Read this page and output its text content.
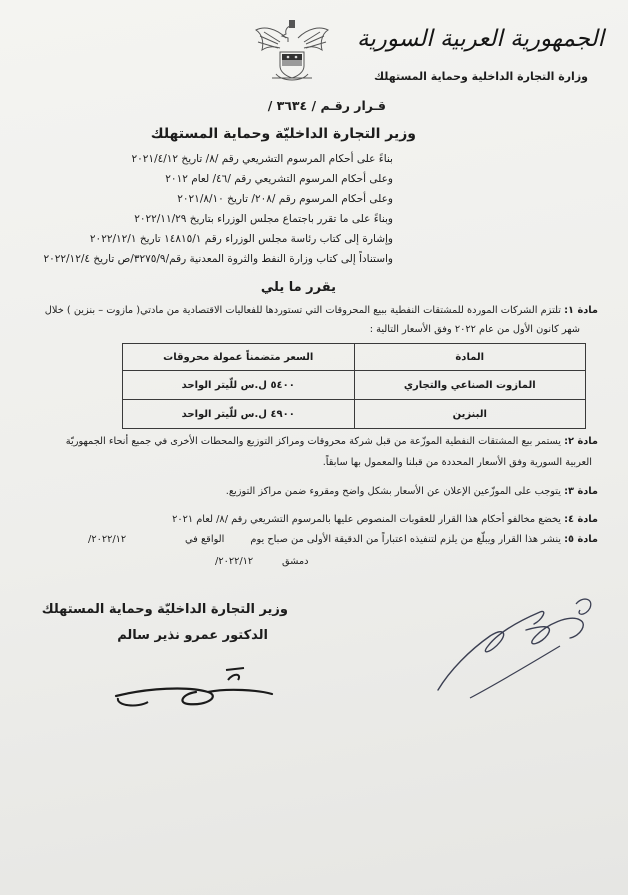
الجمهورية العربية السورية
وزارة التجارة الداخلية وحماية المستهلك
قـرار رقـم / ٣٦٣٤ /
وزير التجارة الداخليّة وحماية المستهلك
بناءً على أحكام المرسوم التشريعي رقم /٨/ تاريخ ٢٠٢١/٤/١٢
وعلى أحكام المرسوم التشريعي رقم /٤٦/ لعام ٢٠١٢
وعلى أحكام المرسوم رقم /٢٠٨/ تاريخ ٢٠٢١/٨/١٠
وبناءً على ما تقرر باجتماع مجلس الوزراء بتاريخ ٢٠٢٢/١١/٢٩
وإشارة إلى كتاب رئاسة مجلس الوزراء رقم ١٤٨١٥/١ تاريخ ٢٠٢٢/١٢/١
واستناداً إلى كتاب وزارة النفط والثروة المعدنية رقم/٣٢٧٥/٩/ص تاريخ ٢٠٢٢/١٢/٤
يقرر ما يلي
مادة ١: تلتزم الشركات الموردة للمشتقات النفطية ببيع المحروقات التي تستوردها للفعاليات الاقتصادية من مادتي( مازوت – بنزين ) خلال
شهر كانون الأول من عام ٢٠٢٢ وفق الأسعار التالية :
المادة	السعر متضمناً عمولة محروقات
المازوت الصناعي والتجاري	٥٤٠٠ ل.س للّيتر الواحد
البنزين	٤٩٠٠ ل.س للّيتر الواحد
مادة ٢: يستمر بيع المشتقات النفطية الموزّعة من قبل شركة محروقات ومراكز التوزيع والمحطات الأخرى في جميع أنحاء الجمهوريّة
العربية السورية وفق الأسعار المحددة من قبلنا والمعمول بها سابقاً.
مادة ٣: يتوجب على الموزّعين الإعلان عن الأسعار بشكل واضح ومقروء ضمن مراكز التوزيع.
مادة ٤: يخضع مخالفو أحكام هذا القرار للعقوبات المنصوص عليها بالمرسوم التشريعي رقم /٨/ لعام ٢٠٢١
مادة ٥: ينشر هذا القرار ويبلّغ من يلزم لتنفيذه اعتباراً من الدقيقة الأولى من صباح يوم
الواقع في
٢٠٢٢/١٢/
دمشق
٢٠٢٢/١٢/
وزير التجارة الداخليّة وحماية المستهلك
الدكتور عمرو نذير سالم
